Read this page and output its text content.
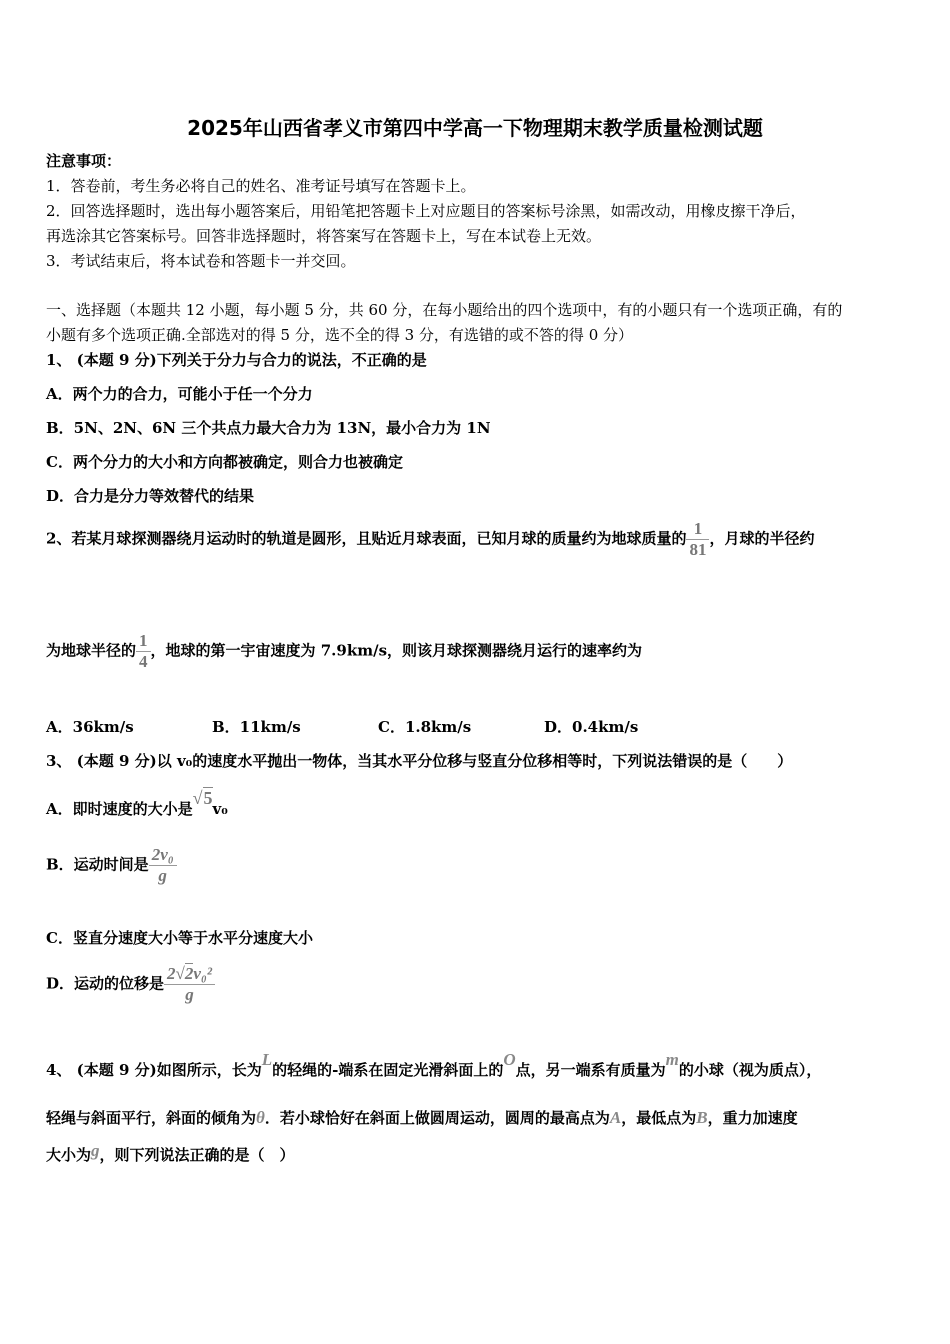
2025年山西省孝义市第四中学高一下物理期末教学质量检测试题
注意事项：
1．答卷前，考生务必将自己的姓名、准考证号填写在答题卡上。
2．回答选择题时，选出每小题答案后，用铅笔把答题卡上对应题目的答案标号涂黑，如需改动，用橡皮擦干净后，
再选涂其它答案标号。回答非选择题时，将答案写在答题卡上，写在本试卷上无效。
3．考试结束后，将本试卷和答题卡一并交回。
一、选择题（本题共 12 小题，每小题 5 分，共 60 分，在每小题给出的四个选项中，有的小题只有一个选项正确，有的
小题有多个选项正确.全部选对的得 5 分，选不全的得 3 分，有选错的或不答的得 0 分）
1、 (本题 9 分)下列关于分力与合力的说法，不正确的是
A．两个力的合力，可能小于任一个分力
B．5N、2N、6N 三个共点力最大合力为 13N，最小合力为 1N
C．两个分力的大小和方向都被确定，则合力也被确定
D．合力是分力等效替代的结果
2、若某月球探测器绕月运动时的轨道是圆形，且贴近月球表面，已知月球的质量约为地球质量的 $\frac{1}{81}$ ，月球的半径约
为地球半径的 $\frac{1}{4}$ ，地球的第一宇宙速度为 7.9km/s，则该月球探测器绕月运行的速率约为
A．36km/s	B．11km/s	C．1.8km/s	D．0.4km/s
3、 (本题 9 分)以 v₀的速度水平抛出一物体，当其水平分位移与竖直分位移相等时，下列说法错误的是（　　）
A．即时速度的大小是√5v₀
B．运动时间是 $\frac{\text{2v₀}}{g}$
C．竖直分速度大小等于水平分速度大小
D．运动的位移是 $\frac{\text{2√2v₀²}}{g}$
4、 (本题 9 分)如图所示，长为L的轻绳的-端系在固定光滑斜面上的O点，另一端系有质量为m的小球（视为质点），
轻绳与斜面平行，斜面的倾角为θ．若小球恰好在斜面上做圆周运动，圆周的最高点为A，最低点为B，重力加速度
大小为g，则下列说法正确的是（　）
